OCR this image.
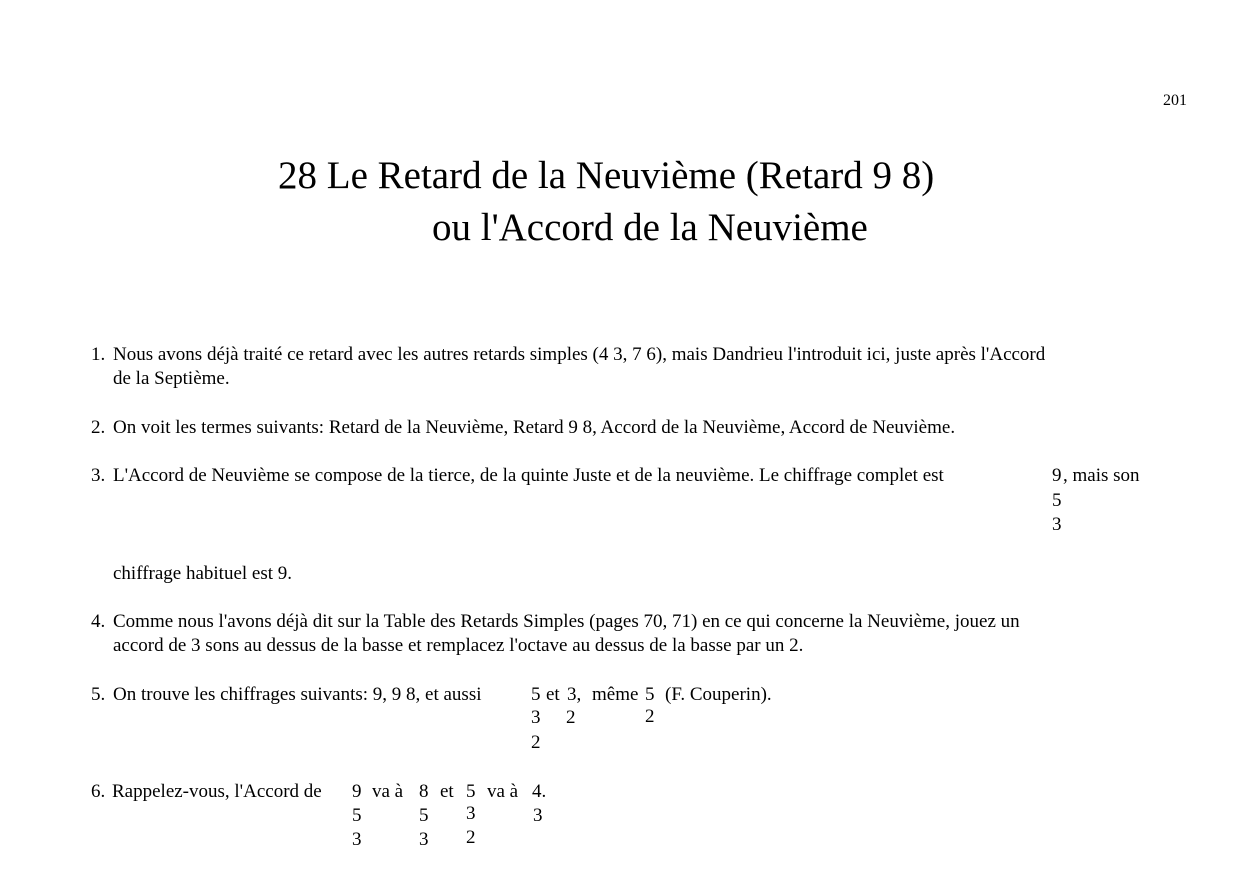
201
28 Le Retard de la Neuvième (Retard 9 8)
ou l'Accord de la Neuvième
1. Nous avons déjà traité ce retard avec les autres retards simples (4 3, 7 6), mais Dandrieu l'introduit ici, juste après l'Accord
de la Septième.
2. On voit les termes suivants: Retard de la Neuvième, Retard 9 8, Accord de la Neuvième, Accord de Neuvième.
3. L'Accord de Neuvième se compose de la tierce, de la quinte Juste et de la neuvième. Le chiffrage complet est	9 , mais son
5
3
chiffrage habituel est 9.
4. Comme nous l'avons déjà dit sur la Table des Retards Simples (pages 70, 71) en ce qui concerne la Neuvième, jouez un
accord de 3 sons au dessus de la basse et remplacez l'octave au dessus de la basse par un 2.
5. On trouve les chiffrages suivants: 9, 9 8, et aussi	5 et 3, même 5 (F. Couperin).
3 2	2
2
6. Rappelez-vous, l'Accord de 9 va à 8 et 5 va à 4.
5	5 3	3
3	3 2
